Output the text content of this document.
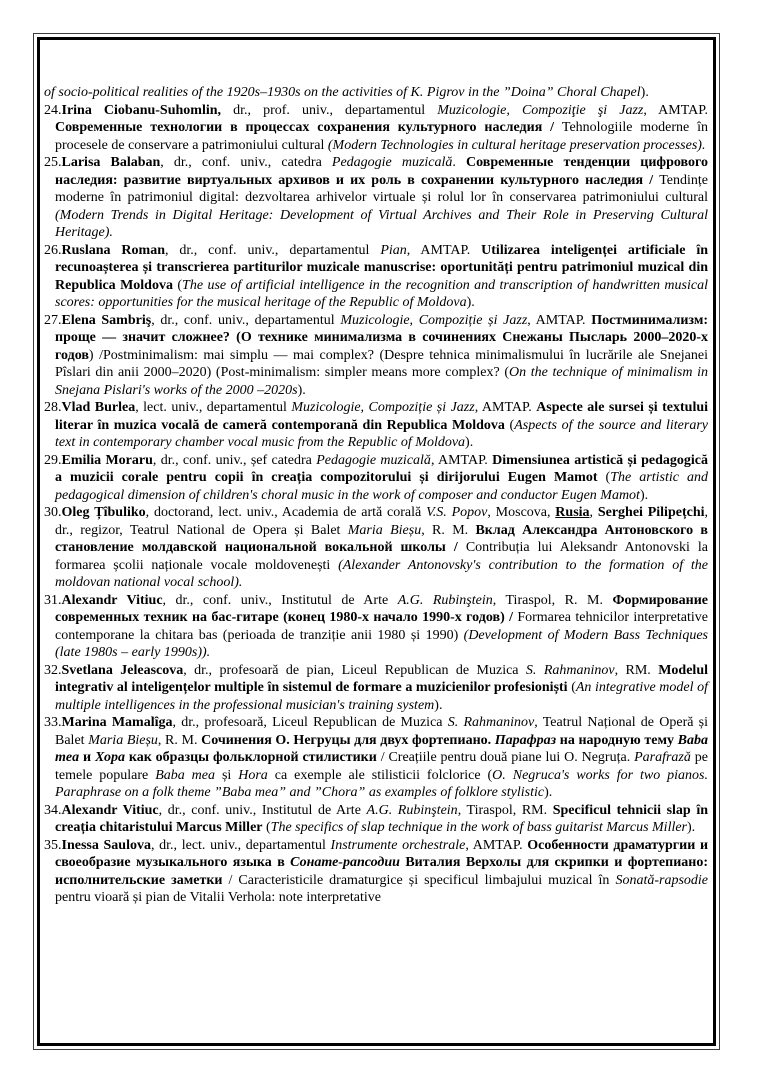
of socio-political realities of the 1920s–1930s on the activities of K. Pigrov in the ”Doina” Choral Chapel).

24.Irina Ciobanu-Suhomlin, dr., prof. univ., departamentul Muzicologie, Compoziţie şi Jazz, AMTAP. Современные технологии в процессах сохранения культурного наследия / Tehnologiile moderne în procesele de conservare a patrimoniului cultural (Modern Technologies in cultural heritage preservation processes).

25.Larisa Balaban, dr., conf. univ., catedra Pedagogie muzicală. Современные тенденции цифрового наследия: развитие виртуальных архивов и их роль в сохранении культурного наследия / Tendințe moderne în patrimoniul digital: dezvoltarea arhivelor virtuale și rolul lor în conservarea patrimoniului cultural (Modern Trends in Digital Heritage: Development of Virtual Archives and Their Role in Preserving Cultural Heritage).

26.Ruslana Roman, dr., conf. univ., departamentul Pian, AMTAP. Utilizarea inteligenței artificiale în recunoașterea și transcrierea partiturilor muzicale manuscrise: oportunități pentru patrimoniul muzical din Republica Moldova (The use of artificial intelligence in the recognition and transcription of handwritten musical scores: opportunities for the musical heritage of the Republic of Moldova).

27.Elena Sambriş, dr., conf. univ., departamentul Muzicologie, Compoziție și Jazz, AMTAP. Постминимализм: проще — значит сложнее? (О технике минимализма в сочинениях Снежаны Пысларь 2000–2020-х годов) /Postminimalism: mai simplu — mai complex? (Despre tehnica minimalismului în lucrările ale Snejanei Pîslari din anii 2000–2020) (Post-minimalism: simpler means more complex? (On the technique of minimalism in Snejana Pislari's works of the 2000 –2020s).

28.Vlad Burlea, lect. univ., departamentul Muzicologie, Compoziție și Jazz, AMTAP. Aspecte ale sursei și textului literar în muzica vocală de cameră contemporană din Republica Moldova (Aspects of the source and literary text in contemporary chamber vocal music from the Republic of Moldova).

29.Emilia Moraru, dr., conf. univ., șef catedra Pedagogie muzicală, AMTAP. Dimensiunea artistică și pedagogică a muzicii corale pentru copii în creația compozitorului și dirijorului Eugen Mamot (The artistic and pedagogical dimension of children's choral music in the work of composer and conductor Eugen Mamot).

30.Oleg Țîbuliko, doctorand, lect. univ., Academia de artă corală V.S. Popov, Moscova, Rusia, Serghei Pilipețchi, dr., regizor, Teatrul National de Opera și Balet Maria Bieșu, R. M. Вклад Александра Антоновского в становление молдавской национальной вокальной школы / Contribuția lui Aleksandr Antonovski la formarea școlii naționale vocale moldovenești (Alexander Antonovsky's contribution to the formation of the moldovan national vocal school).

31.Alexandr Vitiuc, dr., conf. univ., Institutul de Arte A.G. Rubinştein, Tiraspol, R. M. Формирование современных техник на бас-гитаре (конец 1980-х начало 1990-х годов) / Formarea tehnicilor interpretative contemporane la chitara bas (perioada de tranziție anii 1980 și 1990) (Development of Modern Bass Techniques (late 1980s – early 1990s)).

32.Svetlana Jeleascova, dr., profesoară de pian, Liceul Republican de Muzica S. Rahmaninov, RM. Modelul integrativ al inteligențelor multiple în sistemul de formare a muzicienilor profesioniști (An integrative model of multiple intelligences in the professional musician's training system).

33.Marina Mamalîga, dr., profesoară, Liceul Republican de Muzica S. Rahmaninov, Teatrul Național de Operă și Balet Maria Bieșu, R. M. Сочинения О. Негруцы для двух фортепиано. Парафраз на народную тему Baba mea и Хора как образцы фольклорной стилистики / Creațiile pentru două piane lui O. Negruța. Parafrază pe temele populare Baba mea și Hora ca exemple ale stilisticii folclorice (O. Negruca's works for two pianos. Paraphrase on a folk theme ”Baba mea” and ”Chora” as examples of folklore stylistic).

34.Alexandr Vitiuc, dr., conf. univ., Institutul de Arte A.G. Rubinştein, Tiraspol, RM. Specificul tehnicii slap în creația chitaristului Marcus Miller (The specifics of slap technique in the work of bass guitarist Marcus Miller).

35.Inessa Saulova, dr., lect. univ., departamentul Instrumente orchestrale, AMTAP. Особенности драматургии и своеобразие музыкального языка в Сонате-рапсодии Виталия Верхолы для скрипки и фортепиано: исполнительские заметки / Caracteristicile dramaturgice și specificul limbajului muzical în Sonată-rapsodie pentru vioară și pian de Vitalii Verhola: note interpretative
